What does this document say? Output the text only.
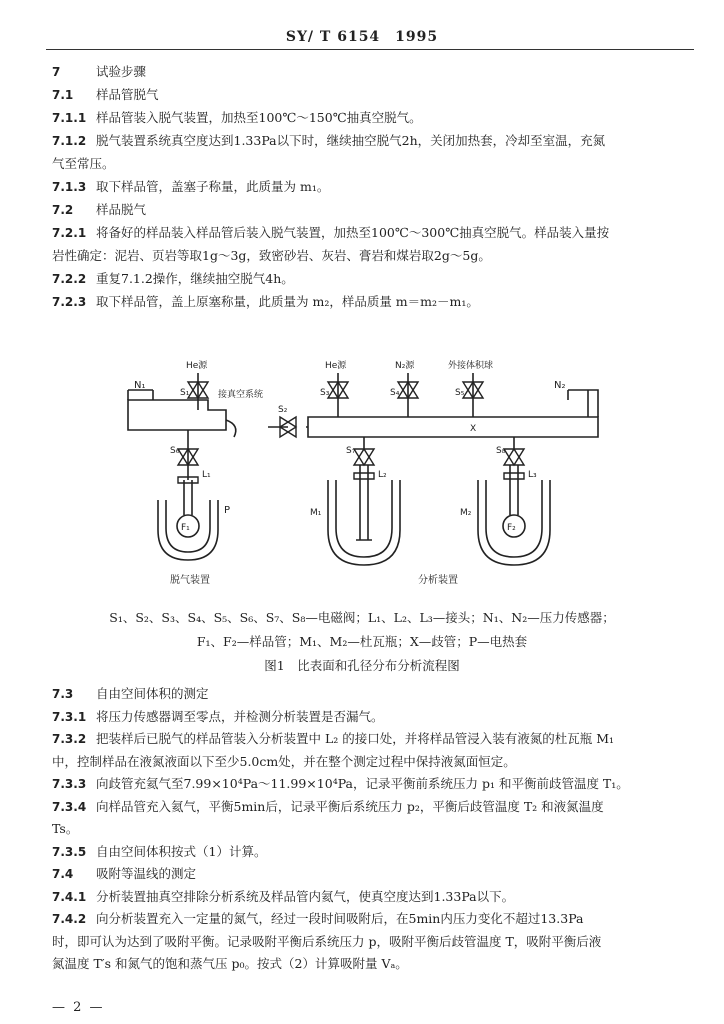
SY/ T 6154　1995
7	试验步骤
7.1 样品管脱气
7.1.1 样品管装入脱气装置，加热至100℃～150℃抽真空脱气。
7.1.2 脱气装置系统真空度达到1.33Pa以下时，继续抽空脱气2h，关闭加热套，冷却至室温，充氮
气至常压。
7.1.3 取下样品管，盖塞子称量，此质量为 m₁。
7.2 样品脱气
7.2.1 将备好的样品装入样品管后装入脱气装置，加热至100℃～300℃抽真空脱气。样品装入量按
岩性确定：泥岩、页岩等取1g～3g，致密砂岩、灰岩、膏岩和煤岩取2g～5g。
7.2.2 重复7.1.2操作，继续抽空脱气4h。
7.2.3 取下样品管，盖上原塞称量，此质量为 m₂，样品质量 m＝m₂－m₁。
He源	He源	N₂源	外接体积球
接真空系统
N₁	N₂
S₁
S₂
S₃	S₄	S₅
S₆	S₇	S₈
L₁	L₂	L₃
M₁	M₂
F₁	F₂
P
X
脱气装置	分析装置
S₁、S₂、S₃、S₄、S₅、S₆、S₇、S₈—电磁阀；L₁、L₂、L₃—接头；N₁、N₂—压力传感器；
F₁、F₂—样品管；M₁、M₂—杜瓦瓶；X—歧管；P—电热套
图1　比表面和孔径分布分析流程图
7.3 自由空间体积的测定
7.3.1 将压力传感器调至零点，并检测分析装置是否漏气。
7.3.2 把装样后已脱气的样品管装入分析装置中 L₂ 的接口处，并将样品管浸入装有液氮的杜瓦瓶 M₁
中，控制样品在液氮液面以下至少5.0cm处，并在整个测定过程中保持液氮面恒定。
7.3.3 向歧管充氦气至7.99×10⁴Pa～11.99×10⁴Pa，记录平衡前系统压力 p₁ 和平衡前歧管温度 T₁。
7.3.4 向样品管充入氦气，平衡5min后，记录平衡后系统压力 p₂，平衡后歧管温度 T₂ 和液氮温度
Ts。
7.3.5 自由空间体积按式（1）计算。
7.4 吸附等温线的测定
7.4.1 分析装置抽真空排除分析系统及样品管内氦气，使真空度达到1.33Pa以下。
7.4.2 向分析装置充入一定量的氮气，经过一段时间吸附后，在5min内压力变化不超过13.3Pa
时，即可认为达到了吸附平衡。记录吸附平衡后系统压力 p，吸附平衡后歧管温度 T，吸附平衡后液
氮温度 T′s 和氮气的饱和蒸气压 p₀。按式（2）计算吸附量 Vₐ。
— 2 —
